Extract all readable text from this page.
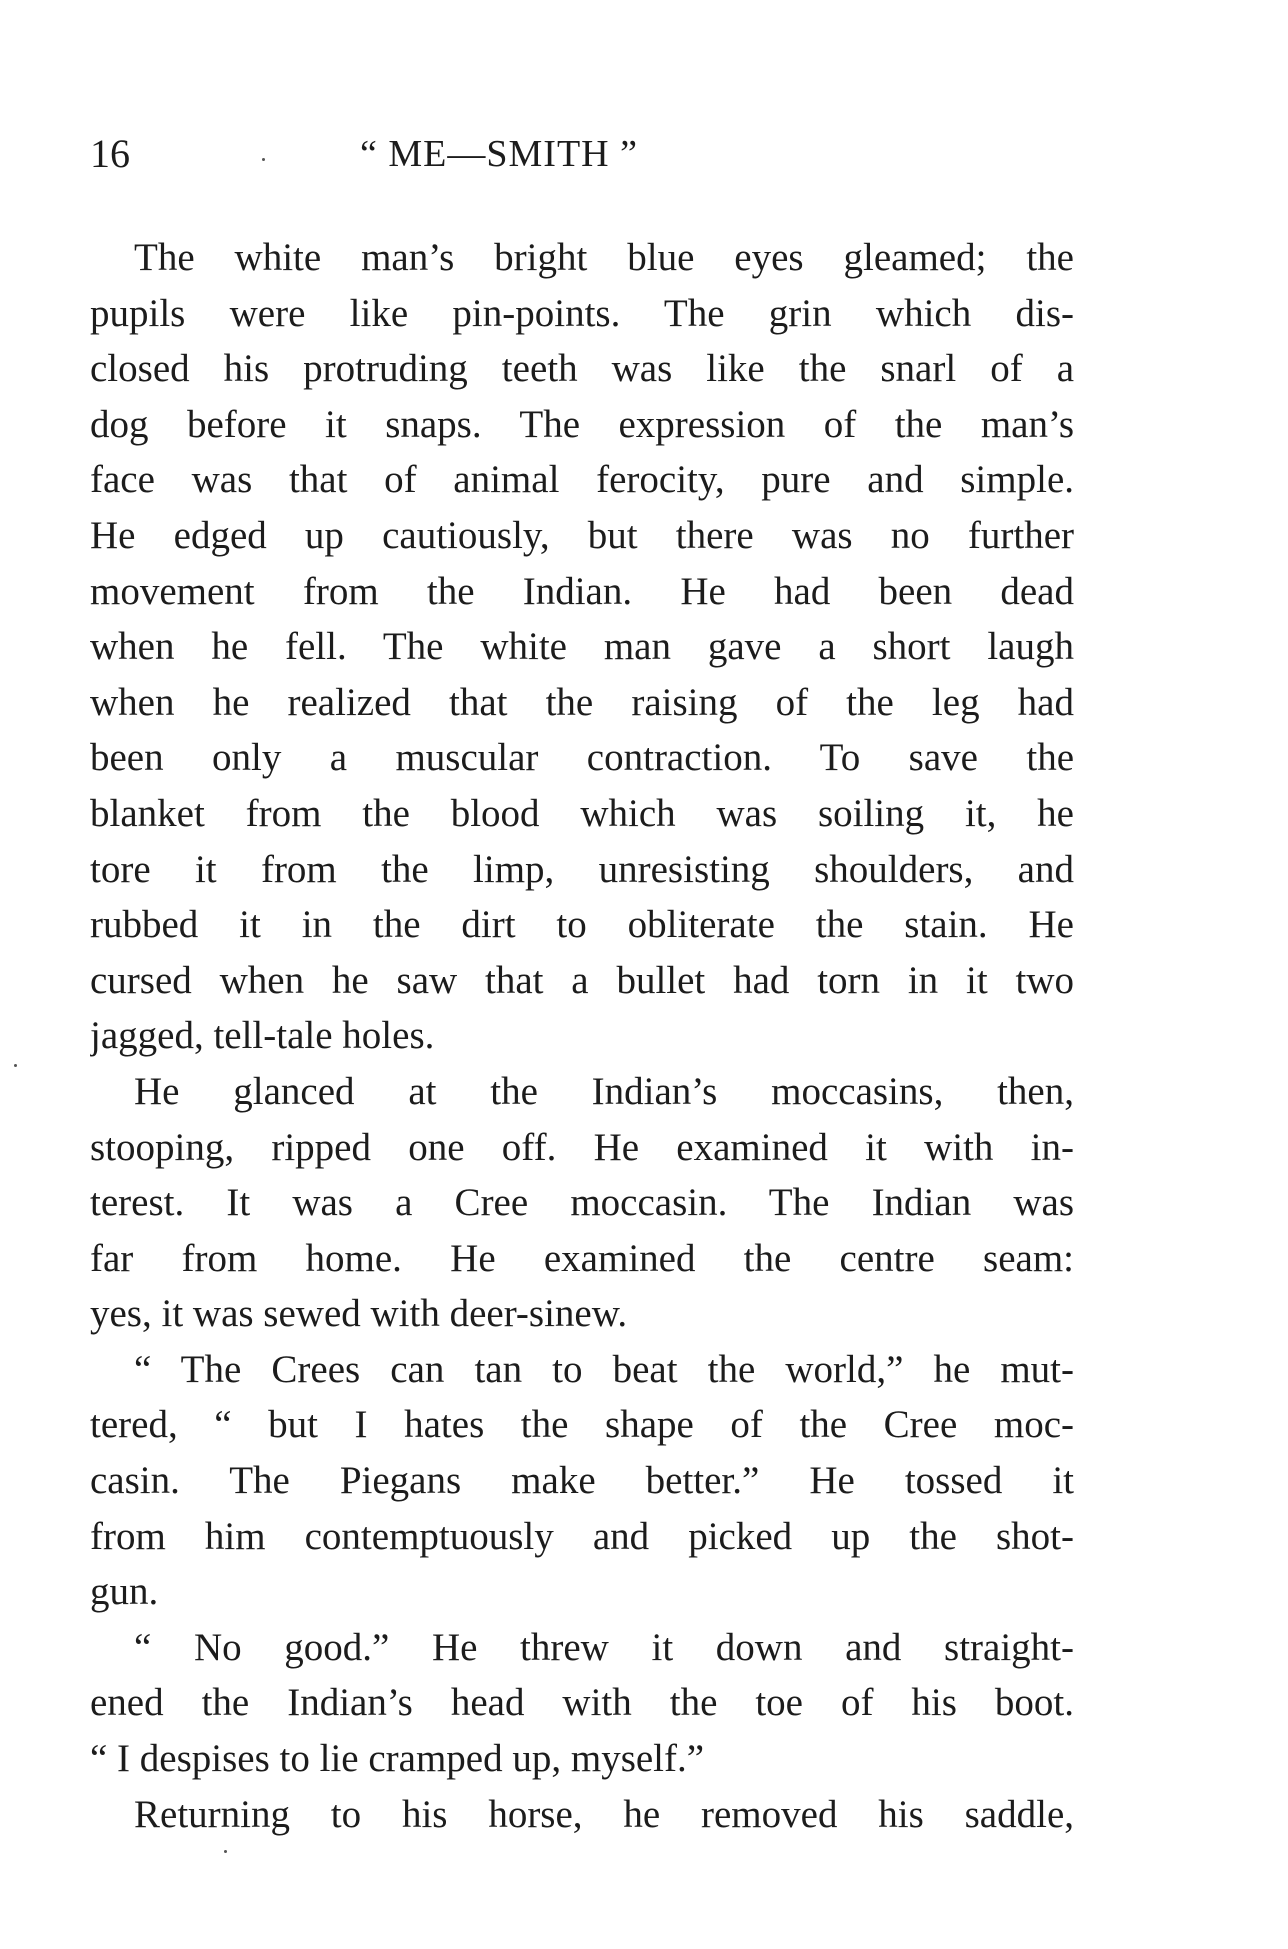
16	“ ME—SMITH ”
The white man’s bright blue eyes gleamed; the
pupils were like pin-points. The grin which dis-
closed his protruding teeth was like the snarl of a
dog before it snaps. The expression of the man’s
face was that of animal ferocity, pure and simple.
He edged up cautiously, but there was no further
movement from the Indian. He had been dead
when he fell. The white man gave a short laugh
when he realized that the raising of the leg had
been only a muscular contraction. To save the
blanket from the blood which was soiling it, he
tore it from the limp, unresisting shoulders, and
rubbed it in the dirt to obliterate the stain. He
cursed when he saw that a bullet had torn in it two
jagged, tell-tale holes.
He glanced at the Indian’s moccasins, then,
stooping, ripped one off. He examined it with in-
terest. It was a Cree moccasin. The Indian was
far from home. He examined the centre seam:
yes, it was sewed with deer-sinew.
“ The Crees can tan to beat the world,” he mut-
tered, “ but I hates the shape of the Cree moc-
casin. The Piegans make better.” He tossed it
from him contemptuously and picked up the shot-
gun.
“ No good.” He threw it down and straight-
ened the Indian’s head with the toe of his boot.
“ I despises to lie cramped up, myself.”
Returning to his horse, he removed his saddle,
